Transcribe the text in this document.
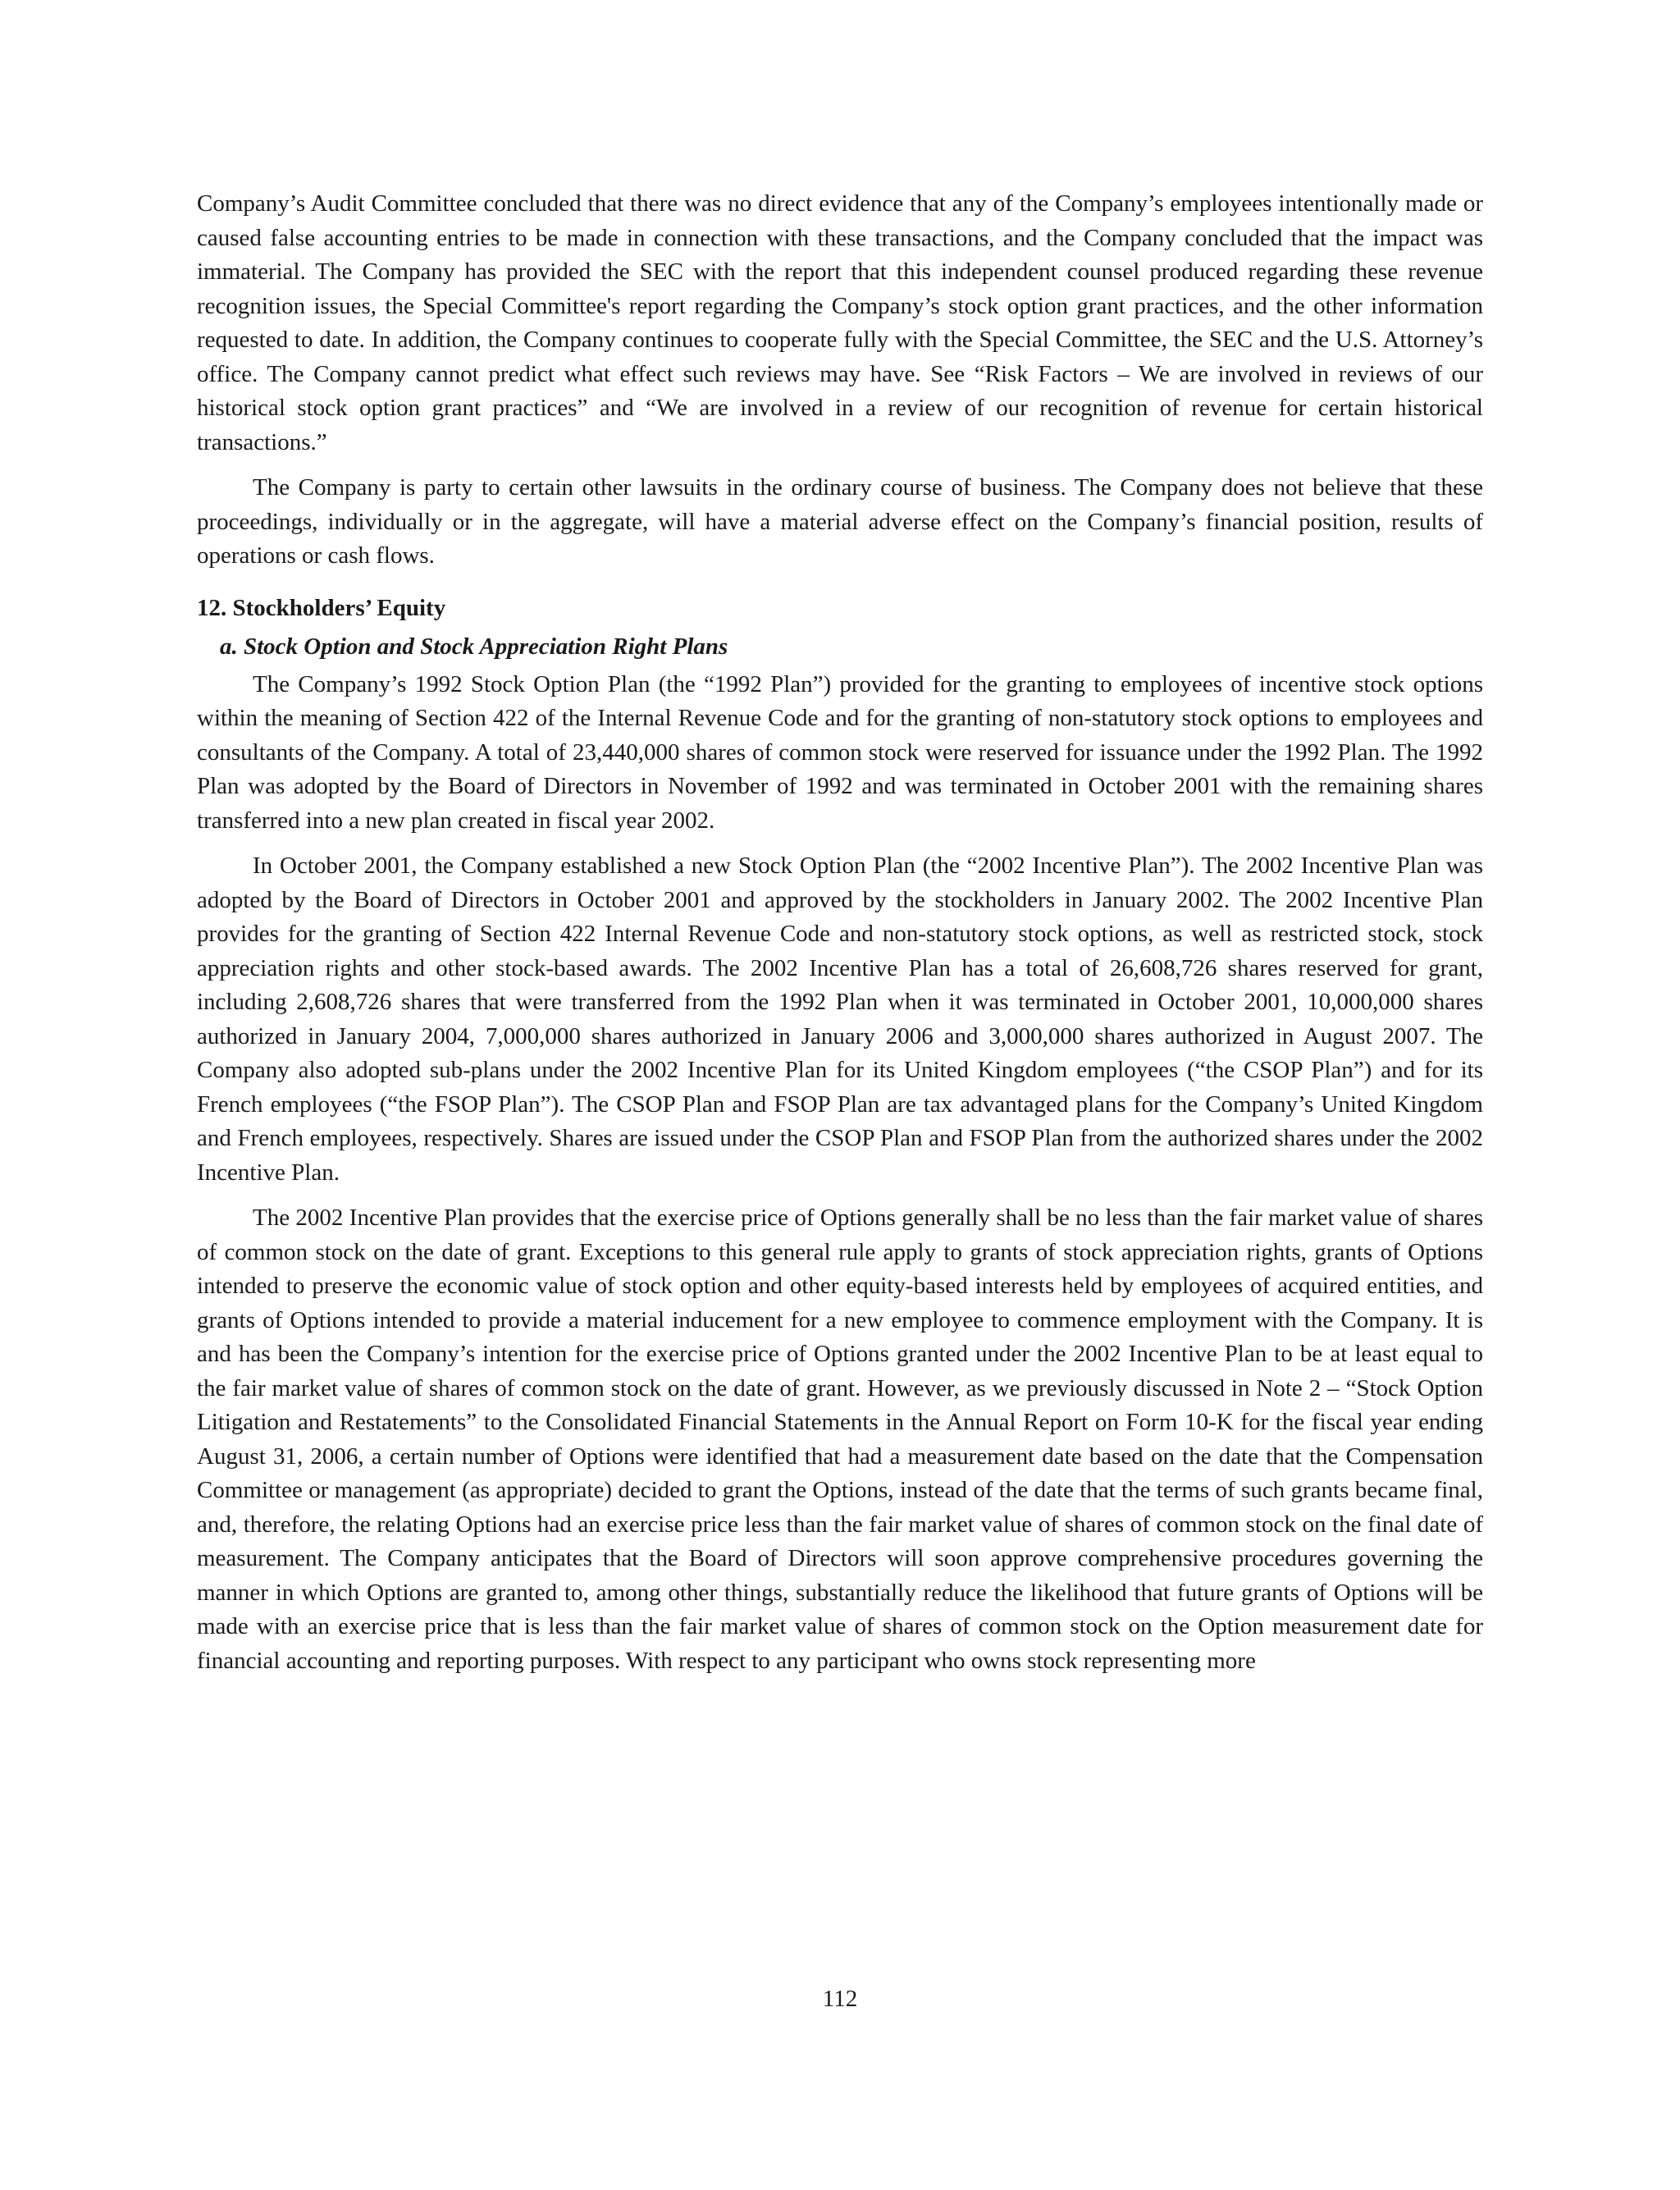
Company’s Audit Committee concluded that there was no direct evidence that any of the Company’s employees intentionally made or caused false accounting entries to be made in connection with these transactions, and the Company concluded that the impact was immaterial. The Company has provided the SEC with the report that this independent counsel produced regarding these revenue recognition issues, the Special Committee's report regarding the Company’s stock option grant practices, and the other information requested to date. In addition, the Company continues to cooperate fully with the Special Committee, the SEC and the U.S. Attorney’s office. The Company cannot predict what effect such reviews may have. See “Risk Factors – We are involved in reviews of our historical stock option grant practices” and “We are involved in a review of our recognition of revenue for certain historical transactions.”

The Company is party to certain other lawsuits in the ordinary course of business. The Company does not believe that these proceedings, individually or in the aggregate, will have a material adverse effect on the Company’s financial position, results of operations or cash flows.

12. Stockholders’ Equity
a. Stock Option and Stock Appreciation Right Plans

The Company’s 1992 Stock Option Plan (the “1992 Plan”) provided for the granting to employees of incentive stock options within the meaning of Section 422 of the Internal Revenue Code and for the granting of non-statutory stock options to employees and consultants of the Company. A total of 23,440,000 shares of common stock were reserved for issuance under the 1992 Plan. The 1992 Plan was adopted by the Board of Directors in November of 1992 and was terminated in October 2001 with the remaining shares transferred into a new plan created in fiscal year 2002.

In October 2001, the Company established a new Stock Option Plan (the “2002 Incentive Plan”). The 2002 Incentive Plan was adopted by the Board of Directors in October 2001 and approved by the stockholders in January 2002. The 2002 Incentive Plan provides for the granting of Section 422 Internal Revenue Code and non-statutory stock options, as well as restricted stock, stock appreciation rights and other stock-based awards. The 2002 Incentive Plan has a total of 26,608,726 shares reserved for grant, including 2,608,726 shares that were transferred from the 1992 Plan when it was terminated in October 2001, 10,000,000 shares authorized in January 2004, 7,000,000 shares authorized in January 2006 and 3,000,000 shares authorized in August 2007. The Company also adopted sub-plans under the 2002 Incentive Plan for its United Kingdom employees (“the CSOP Plan”) and for its French employees (“the FSOP Plan”). The CSOP Plan and FSOP Plan are tax advantaged plans for the Company’s United Kingdom and French employees, respectively. Shares are issued under the CSOP Plan and FSOP Plan from the authorized shares under the 2002 Incentive Plan.

The 2002 Incentive Plan provides that the exercise price of Options generally shall be no less than the fair market value of shares of common stock on the date of grant. Exceptions to this general rule apply to grants of stock appreciation rights, grants of Options intended to preserve the economic value of stock option and other equity-based interests held by employees of acquired entities, and grants of Options intended to provide a material inducement for a new employee to commence employment with the Company. It is and has been the Company’s intention for the exercise price of Options granted under the 2002 Incentive Plan to be at least equal to the fair market value of shares of common stock on the date of grant. However, as we previously discussed in Note 2 – “Stock Option Litigation and Restatements” to the Consolidated Financial Statements in the Annual Report on Form 10-K for the fiscal year ending August 31, 2006, a certain number of Options were identified that had a measurement date based on the date that the Compensation Committee or management (as appropriate) decided to grant the Options, instead of the date that the terms of such grants became final, and, therefore, the relating Options had an exercise price less than the fair market value of shares of common stock on the final date of measurement. The Company anticipates that the Board of Directors will soon approve comprehensive procedures governing the manner in which Options are granted to, among other things, substantially reduce the likelihood that future grants of Options will be made with an exercise price that is less than the fair market value of shares of common stock on the Option measurement date for financial accounting and reporting purposes. With respect to any participant who owns stock representing more

112
